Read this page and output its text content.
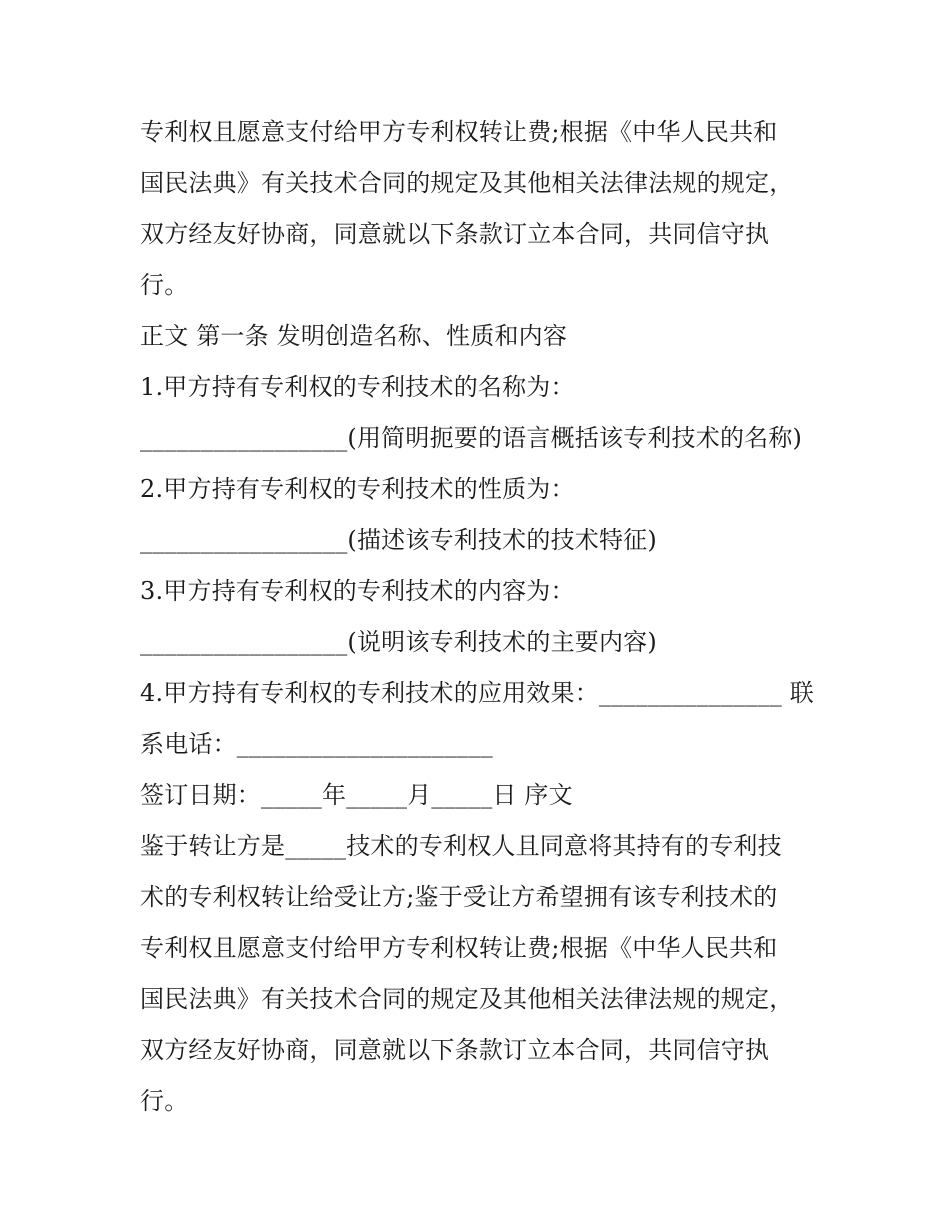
专利权且愿意支付给甲方专利权转让费;根据《中华人民共和
国民法典》有关技术合同的规定及其他相关法律法规的规定，
双方经友好协商，同意就以下条款订立本合同，共同信守执
行。
正文 第一条 发明创造名称、性质和内容
1.甲方持有专利权的专利技术的名称为：
_________________(用简明扼要的语言概括该专利技术的名称)
2.甲方持有专利权的专利技术的性质为：
_________________(描述该专利技术的技术特征)
3.甲方持有专利权的专利技术的内容为：
_________________(说明该专利技术的主要内容)
4.甲方持有专利权的专利技术的应用效果：_______________ 联
系电话：_____________________
签订日期：_____年_____月_____日 序文
鉴于转让方是_____技术的专利权人且同意将其持有的专利技
术的专利权转让给受让方;鉴于受让方希望拥有该专利技术的
专利权且愿意支付给甲方专利权转让费;根据《中华人民共和
国民法典》有关技术合同的规定及其他相关法律法规的规定，
双方经友好协商，同意就以下条款订立本合同，共同信守执
行。
